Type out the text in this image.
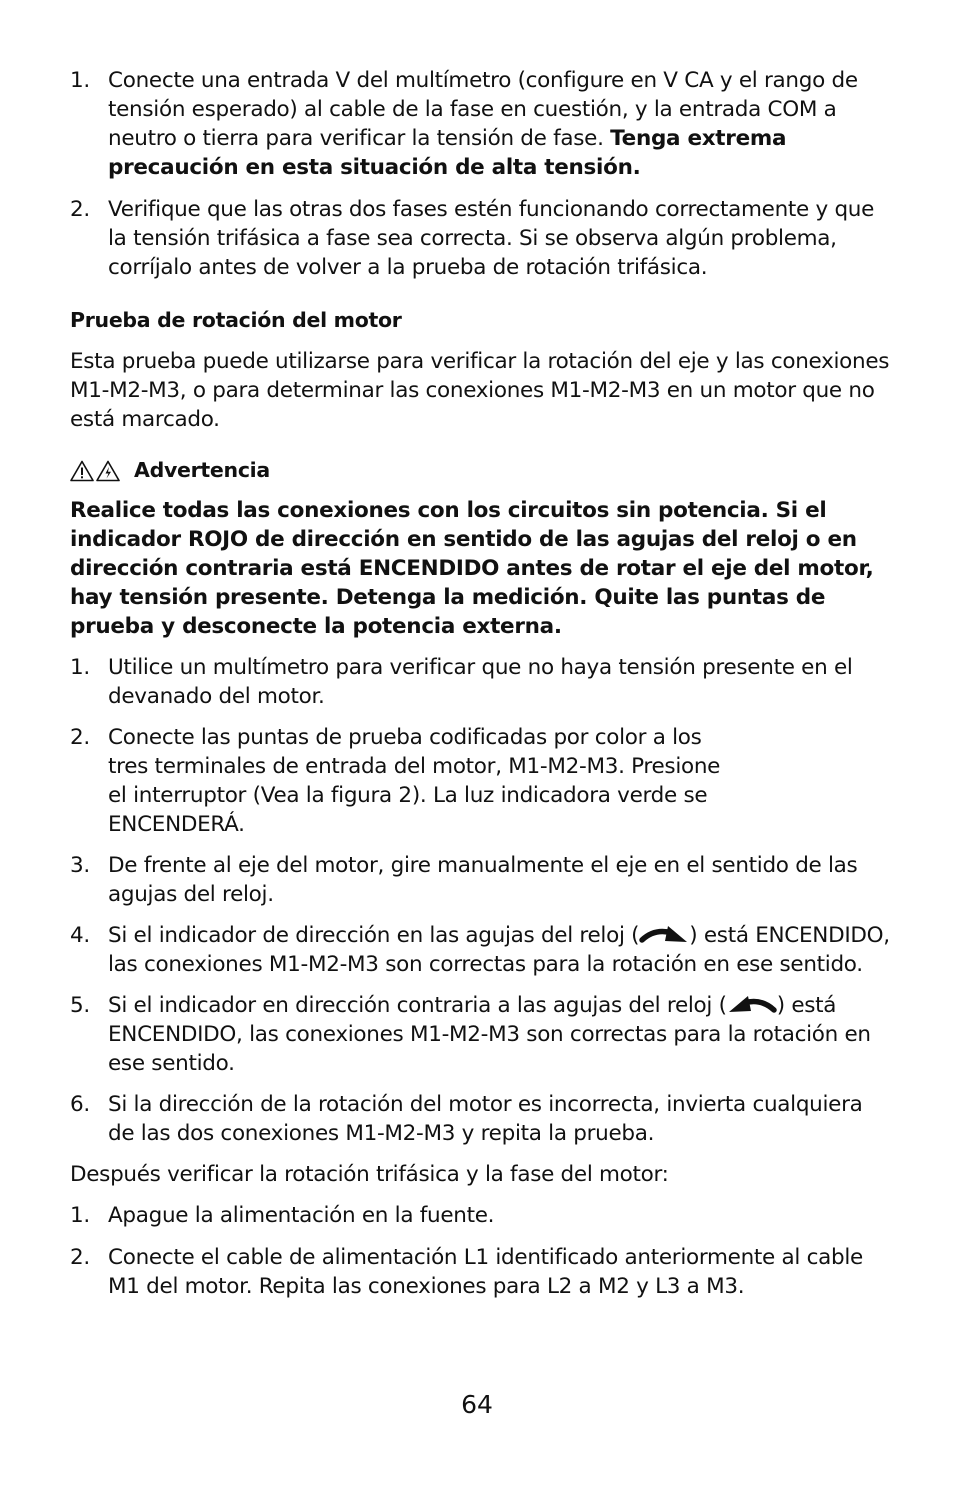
1. Conecte una entrada V del multímetro (configure en V CA y el rango de tensión esperado) al cable de la fase en cuestión, y la entrada COM a neutro o tierra para verificar la tensión de fase. Tenga extrema precaución en esta situación de alta tensión.
2. Verifique que las otras dos fases estén funcionando correctamente y que la tensión trifásica a fase sea correcta. Si se observa algún problema, corríjalo antes de volver a la prueba de rotación trifásica.
Prueba de rotación del motor
Esta prueba puede utilizarse para verificar la rotación del eje y las conexiones M1-M2-M3, o para determinar las conexiones M1-M2-M3 en un motor que no está marcado.
Advertencia
Realice todas las conexiones con los circuitos sin potencia. Si el indicador ROJO de dirección en sentido de las agujas del reloj o en dirección contraria está ENCENDIDO antes de rotar el eje del motor, hay tensión presente. Detenga la medición. Quite las puntas de prueba y desconecte la potencia externa.
1. Utilice un multímetro para verificar que no haya tensión presente en el devanado del motor.
2. Conecte las puntas de prueba codificadas por color a los
tres terminales de entrada del motor, M1-M2-M3. Presione
el interruptor (Vea la figura 2). La luz indicadora verde se
ENCENDERÁ.
3. De frente al eje del motor, gire manualmente el eje en el sentido de las agujas del reloj.
4. Si el indicador de dirección en las agujas del reloj ( ) está ENCENDIDO, las conexiones M1-M2-M3 son correctas para la rotación en ese sentido.
5. Si el indicador en dirección contraria a las agujas del reloj ( ) está ENCENDIDO, las conexiones M1-M2-M3 son correctas para la rotación en ese sentido.
6. Si la dirección de la rotación del motor es incorrecta, invierta cualquiera de las dos conexiones M1-M2-M3 y repita la prueba.
Después verificar la rotación trifásica y la fase del motor:
1. Apague la alimentación en la fuente.
2. Conecte el cable de alimentación L1 identificado anteriormente al cable M1 del motor. Repita las conexiones para L2 a M2 y L3 a M3.
64
